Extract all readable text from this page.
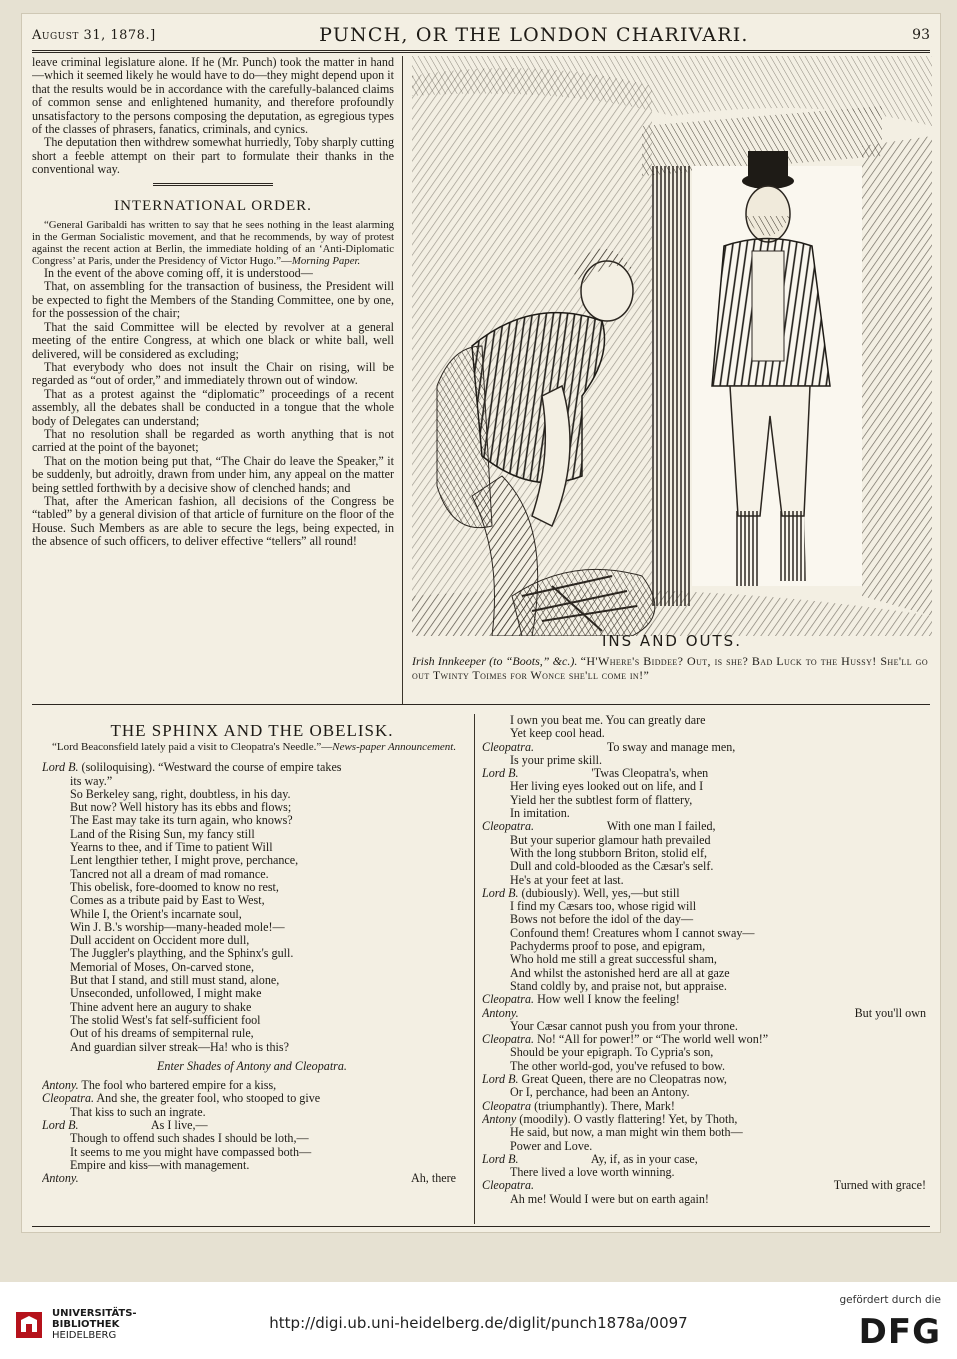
August 31, 1878.]	PUNCH, OR THE LONDON CHARIVARI.	93

leave criminal legislature alone. If he (Mr. Punch) took the matter in hand—which it seemed likely he would have to do—they might depend upon it that the results would be in accordance with the carefully-balanced claims of common sense and enlightened humanity, and therefore profoundly unsatisfactory to the persons composing the deputation, as egregious types of the classes of phrasers, fanatics, criminals, and cynics.

The deputation then withdrew somewhat hurriedly, Toby sharply cutting short a feeble attempt on their part to formulate their thanks in the conventional way.

INTERNATIONAL ORDER.

“General Garibaldi has written to say that he sees nothing in the least alarming in the German Socialistic movement, and that he recommends, by way of protest against the recent action at Berlin, the immediate holding of an ‘Anti-Diplomatic Congress’ at Paris, under the Presidency of Victor Hugo.”—Morning Paper.

In the event of the above coming off, it is understood—

That, on assembling for the transaction of business, the President will be expected to fight the Members of the Standing Committee, one by one, for the possession of the chair;

That the said Committee will be elected by revolver at a general meeting of the entire Congress, at which one black or white ball, well delivered, will be considered as excluding;

That everybody who does not insult the Chair on rising, will be regarded as “out of order,” and immediately thrown out of window.

That as a protest against the “diplomatic” proceedings of a recent assembly, all the debates shall be conducted in a tongue that the whole body of Delegates can understand;

That no resolution shall be regarded as worth anything that is not carried at the point of the bayonet;

That on the motion being put that, “The Chair do leave the Speaker,” it be suddenly, but adroitly, drawn from under him, any appeal on the matter being settled forthwith by a decisive show of clenched hands; and

That, after the American fashion, all decisions of the Congress be “tabled” by a general division of that article of furniture on the floor of the House. Such Members as are able to secure the legs, being expected, in the absence of such officers, to deliver effective “tellers” all round!

INS AND OUTS.
Irish Innkeeper (to “Boots,” &c.). “H'Where's Biddee? Out, is she? Bad Luck to the Hussy! She'll go out Twinty Toimes for Wonce she'll come in!”
THE SPHINX AND THE OBELISK.

“Lord Beaconsfield lately paid a visit to Cleopatra's Needle.”—News-paper Announcement.

Lord B. (soliloquising). “Westward the course of empire takes
its way.”
So Berkeley sang, right, doubtless, in his day.
But now? Well history has its ebbs and flows;
The East may take its turn again, who knows?
Land of the Rising Sun, my fancy still
Yearns to thee, and if Time to patient Will
Lent lengthier tether, I might prove, perchance,
Tancred not all a dream of mad romance.
This obelisk, fore-doomed to know no rest,
Comes as a tribute paid by East to West,
While I, the Orient's incarnate soul,
Win J. B.'s worship—many-headed mole!—
Dull accident on Occident more dull,
The Juggler's plaything, and the Sphinx's gull.
Memorial of Moses, On-carved stone,
But that I stand, and still must stand, alone,
Unseconded, unfollowed, I might make
Thine advent here an augury to shake
The stolid West's fat self-sufficient fool
Out of his dreams of sempiternal rule,
And guardian silver streak—Ha! who is this?
Enter Shades of Antony and Cleopatra.
Antony. The fool who bartered empire for a kiss,
Cleopatra. And she, the greater fool, who stooped to give
That kiss to such an ingrate.
Lord B.	As I live,—
Though to offend such shades I should be loth,—
It seems to me you might have compassed both—
Empire and kiss—with management.
Antony.	Ah, there
I own you beat me. You can greatly dare
Yet keep cool head.
Cleopatra.	To sway and manage men,
Is your prime skill.
Lord B.	'Twas Cleopatra's, when
Her living eyes looked out on life, and I
Yield her the subtlest form of flattery,
In imitation.
Cleopatra.	With one man I failed,
But your superior glamour hath prevailed
With the long stubborn Briton, stolid elf,
Dull and cold-blooded as the Cæsar's self.
He's at your feet at last.
Lord B. (dubiously). Well, yes,—but still
I find my Cæsars too, whose rigid will
Bows not before the idol of the day—
Confound them! Creatures whom I cannot sway—
Pachyderms proof to pose, and epigram,
Who hold me still a great successful sham,
And whilst the astonished herd are all at gaze
Stand coldly by, and praise not, but appraise.
Cleopatra. How well I know the feeling!
Antony.	But you'll own
Your Cæsar cannot push you from your throne.
Cleopatra. No! “All for power!” or “The world well won!”
Should be your epigraph. To Cypria's son,
The other world-god, you've refused to bow.
Lord B. Great Queen, there are no Cleopatras now,
Or I, perchance, had been an Antony.
Cleopatra (triumphantly). There, Mark!
Antony (moodily). O vastly flattering! Yet, by Thoth,
He said, but now, a man might win them both—
Power and Love.
Lord B.	Ay, if, as in your case,
There lived a love worth winning.
Cleopatra.	Turned with grace!
Ah me! Would I were but on earth again!
UNIVERSITÄTS-
BIBLIOTHEK
HEIDELBERG
http://digi.ub.uni-heidelberg.de/diglit/punch1878a/0097
gefördert durch die
DFG
